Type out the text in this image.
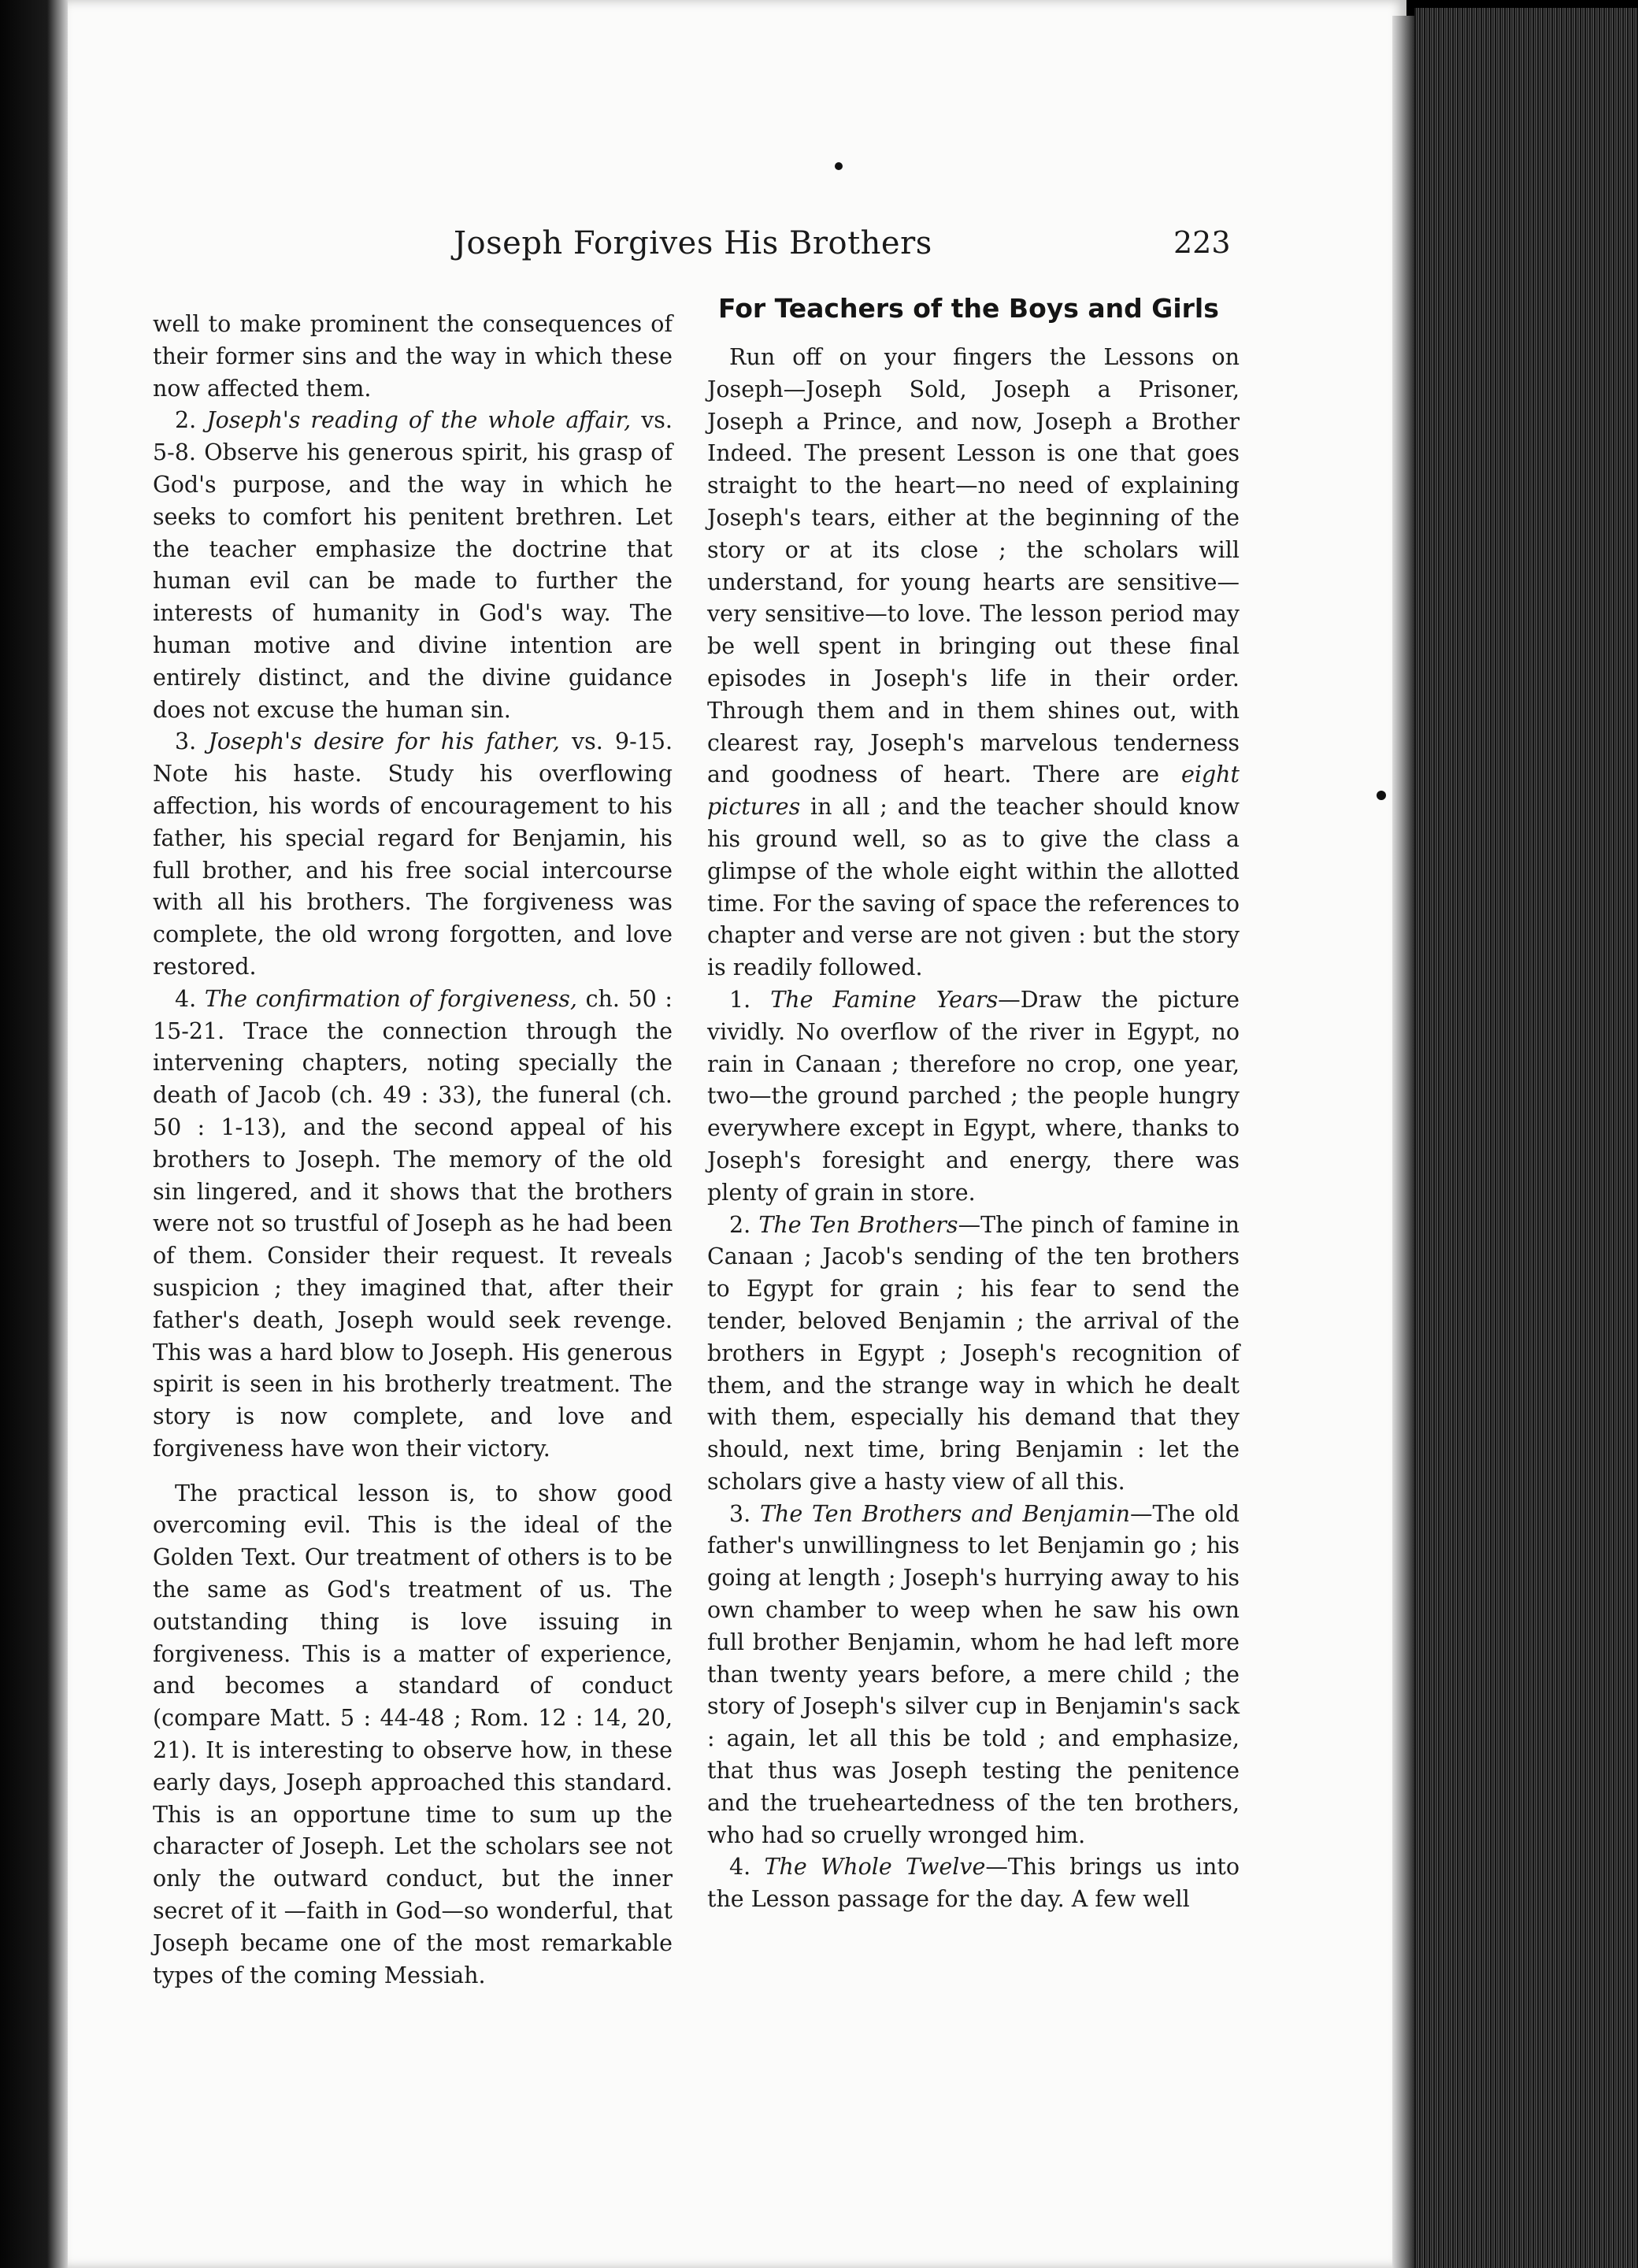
Joseph Forgives His Brothers	223

well to make prominent the consequences of their former sins and the way in which these now affected them.

2. Joseph's reading of the whole affair, vs. 5-8. Observe his generous spirit, his grasp of God's purpose, and the way in which he seeks to comfort his penitent brethren. Let the teacher emphasize the doctrine that human evil can be made to further the interests of humanity in God's way. The human motive and divine intention are entirely distinct, and the divine guidance does not excuse the human sin.

3. Joseph's desire for his father, vs. 9-15. Note his haste. Study his overflowing affection, his words of encouragement to his father, his special regard for Benjamin, his full brother, and his free social intercourse with all his brothers. The forgiveness was complete, the old wrong forgotten, and love restored.

4. The confirmation of forgiveness, ch. 50 : 15-21. Trace the connection through the intervening chapters, noting specially the death of Jacob (ch. 49 : 33), the funeral (ch. 50 : 1-13), and the second appeal of his brothers to Joseph. The memory of the old sin lingered, and it shows that the brothers were not so trustful of Joseph as he had been of them. Consider their request. It reveals suspicion ; they imagined that, after their father's death, Joseph would seek revenge. This was a hard blow to Joseph. His generous spirit is seen in his brotherly treatment. The story is now complete, and love and forgiveness have won their victory.

The practical lesson is, to show good overcoming evil. This is the ideal of the Golden Text. Our treatment of others is to be the same as God's treatment of us. The outstanding thing is love issuing in forgiveness. This is a matter of experience, and becomes a standard of conduct (compare Matt. 5 : 44-48 ; Rom. 12 : 14, 20, 21). It is interesting to observe how, in these early days, Joseph approached this standard. This is an opportune time to sum up the character of Joseph. Let the scholars see not only the outward conduct, but the inner secret of it —faith in God—so wonderful, that Joseph became one of the most remarkable types of the coming Messiah.

For Teachers of the Boys and Girls

Run off on your fingers the Lessons on Joseph—Joseph Sold, Joseph a Prisoner, Joseph a Prince, and now, Joseph a Brother Indeed. The present Lesson is one that goes straight to the heart—no need of explaining Joseph's tears, either at the beginning of the story or at its close ; the scholars will understand, for young hearts are sensitive—very sensitive—to love. The lesson period may be well spent in bringing out these final episodes in Joseph's life in their order. Through them and in them shines out, with clearest ray, Joseph's marvelous tenderness and goodness of heart. There are eight pictures in all ; and the teacher should know his ground well, so as to give the class a glimpse of the whole eight within the allotted time. For the saving of space the references to chapter and verse are not given : but the story is readily followed.

1. The Famine Years—Draw the picture vividly. No overflow of the river in Egypt, no rain in Canaan ; therefore no crop, one year, two—the ground parched ; the people hungry everywhere except in Egypt, where, thanks to Joseph's foresight and energy, there was plenty of grain in store.

2. The Ten Brothers—The pinch of famine in Canaan ; Jacob's sending of the ten brothers to Egypt for grain ; his fear to send the tender, beloved Benjamin ; the arrival of the brothers in Egypt ; Joseph's recognition of them, and the strange way in which he dealt with them, especially his demand that they should, next time, bring Benjamin : let the scholars give a hasty view of all this.

3. The Ten Brothers and Benjamin—The old father's unwillingness to let Benjamin go ; his going at length ; Joseph's hurrying away to his own chamber to weep when he saw his own full brother Benjamin, whom he had left more than twenty years before, a mere child ; the story of Joseph's silver cup in Benjamin's sack : again, let all this be told ; and emphasize, that thus was Joseph testing the penitence and the trueheartedness of the ten brothers, who had so cruelly wronged him.

4. The Whole Twelve—This brings us into the Lesson passage for the day. A few well
